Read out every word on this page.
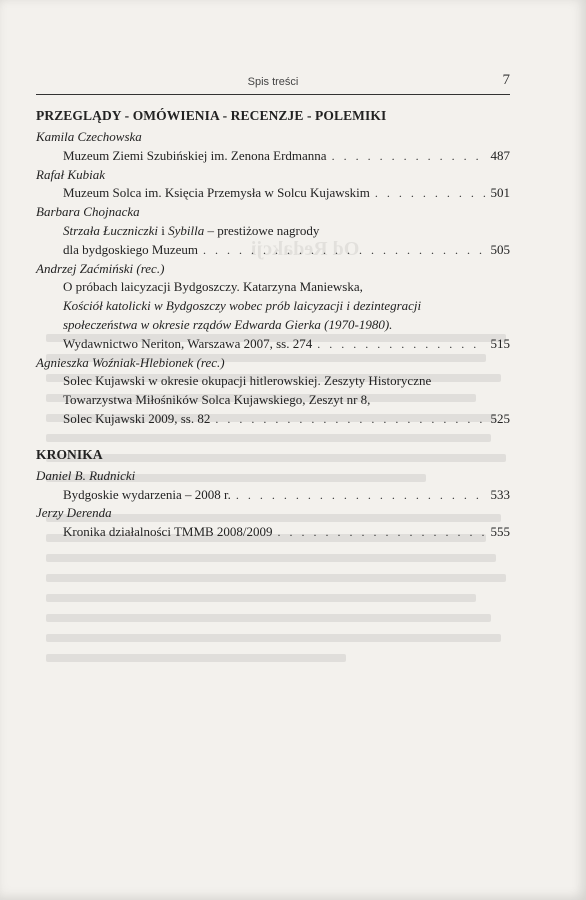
Od Redakcji
Spis treści	7
PRZEGLĄDY - OMÓWIENIA - RECENZJE - POLEMIKI
Kamila Czechowska
Muzeum Ziemi Szubińskiej im. Zenona Erdmanna . . .	487
Rafał Kubiak
Muzeum Solca im. Księcia Przemysła w Solcu Kujawskim . . .	501
Barbara Chojnacka
Strzała Łuczniczki i Sybilla – prestiżowe nagrody
dla bydgoskiego Muzeum . . .	505
Andrzej Zaćmiński (rec.)
O próbach laicyzacji Bydgoszczy. Katarzyna Maniewska,
Kościół katolicki w Bydgoszczy wobec prób laicyzacji i dezintegracji
społeczeństwa w okresie rządów Edwarda Gierka (1970-1980).
Wydawnictwo Neriton, Warszawa 2007, ss. 274 . . .	515
Agnieszka Woźniak-Hlebionek (rec.)
Solec Kujawski w okresie okupacji hitlerowskiej. Zeszyty Historyczne
Towarzystwa Miłośników Solca Kujawskiego, Zeszyt nr 8,
Solec Kujawski 2009, ss. 82 . . .	525
KRONIKA
Daniel B. Rudnicki
Bydgoskie wydarzenia – 2008 r. . . .	533
Jerzy Derenda
Kronika działalności TMMB 2008/2009 . . .	555
